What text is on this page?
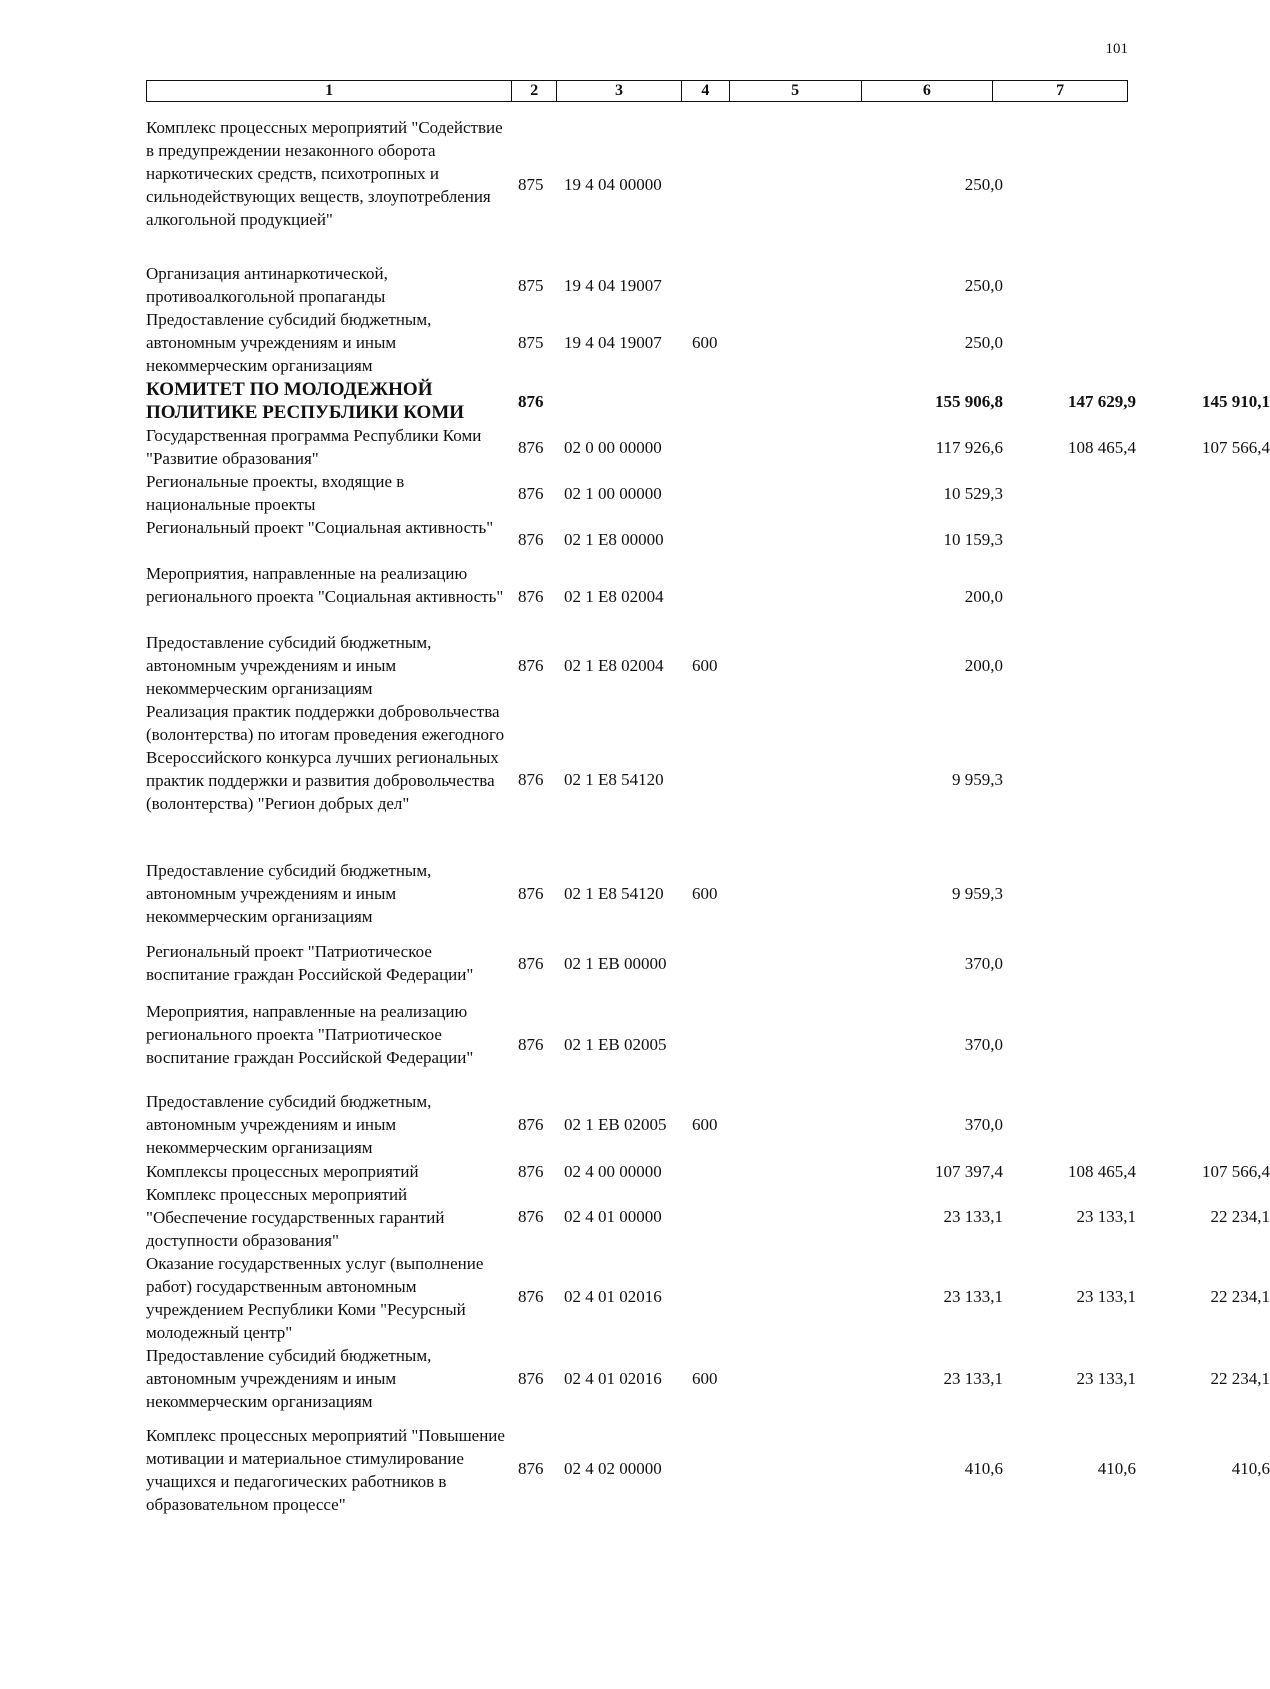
101
1	2	3	4	5	6	7
Комплекс процессных мероприятий "Содействие в предупреждении незаконного оборота наркотических средств, психотропных и сильнодействующих веществ, злоупотребления алкогольной продукцией"
875	19 4 04 00000	250,0
Организация антинаркотической, противоалкогольной пропаганды
875	19 4 04 19007	250,0
Предоставление субсидий бюджетным, автономным учреждениям и иным некоммерческим организациям
875	19 4 04 19007	600	250,0
КОМИТЕТ ПО МОЛОДЕЖНОЙ ПОЛИТИКЕ РЕСПУБЛИКИ КОМИ
876	155 906,8	147 629,9	145 910,1
Государственная программа Республики Коми "Развитие образования"
876	02 0 00 00000	117 926,6	108 465,4	107 566,4
Региональные проекты, входящие в национальные проекты
876	02 1 00 00000	10 529,3
Региональный проект "Социальная активность"
876	02 1 E8 00000	10 159,3
Мероприятия, направленные на реализацию регионального проекта "Социальная активность" 876	02 1 E8 02004	200,0
Предоставление субсидий бюджетным, автономным учреждениям и иным некоммерческим организациям
876	02 1 E8 02004	600	200,0
Реализация практик поддержки добровольчества (волонтерства) по итогам проведения ежегодного Всероссийского конкурса лучших региональных практик поддержки и развития добровольчества (волонтерства) "Регион добрых дел"
876	02 1 E8 54120	9 959,3
Предоставление субсидий бюджетным, автономным учреждениям и иным некоммерческим организациям
876	02 1 E8 54120	600	9 959,3
Региональный проект "Патриотическое воспитание граждан Российской Федерации"
876	02 1 EB 00000	370,0
Мероприятия, направленные на реализацию регионального проекта "Патриотическое воспитание граждан Российской Федерации"
876	02 1 EB 02005	370,0
Предоставление субсидий бюджетным, автономным учреждениям и иным некоммерческим организациям
876	02 1 EB 02005	600	370,0
Комплексы процессных мероприятий	876	02 4 00 00000	107 397,4	108 465,4	107 566,4
Комплекс процессных мероприятий "Обеспечение государственных гарантий доступности образования"
876	02 4 01 00000	23 133,1	23 133,1	22 234,1
Оказание государственных услуг (выполнение работ) государственным автономным учреждением Республики Коми "Ресурсный молодежный центр"
876	02 4 01 02016	23 133,1	23 133,1	22 234,1
Предоставление субсидий бюджетным, автономным учреждениям и иным некоммерческим организациям
876	02 4 01 02016	600	23 133,1	23 133,1	22 234,1
Комплекс процессных мероприятий "Повышение мотивации и материальное стимулирование учащихся и педагогических работников в образовательном процессе"
876	02 4 02 00000	410,6	410,6	410,6
